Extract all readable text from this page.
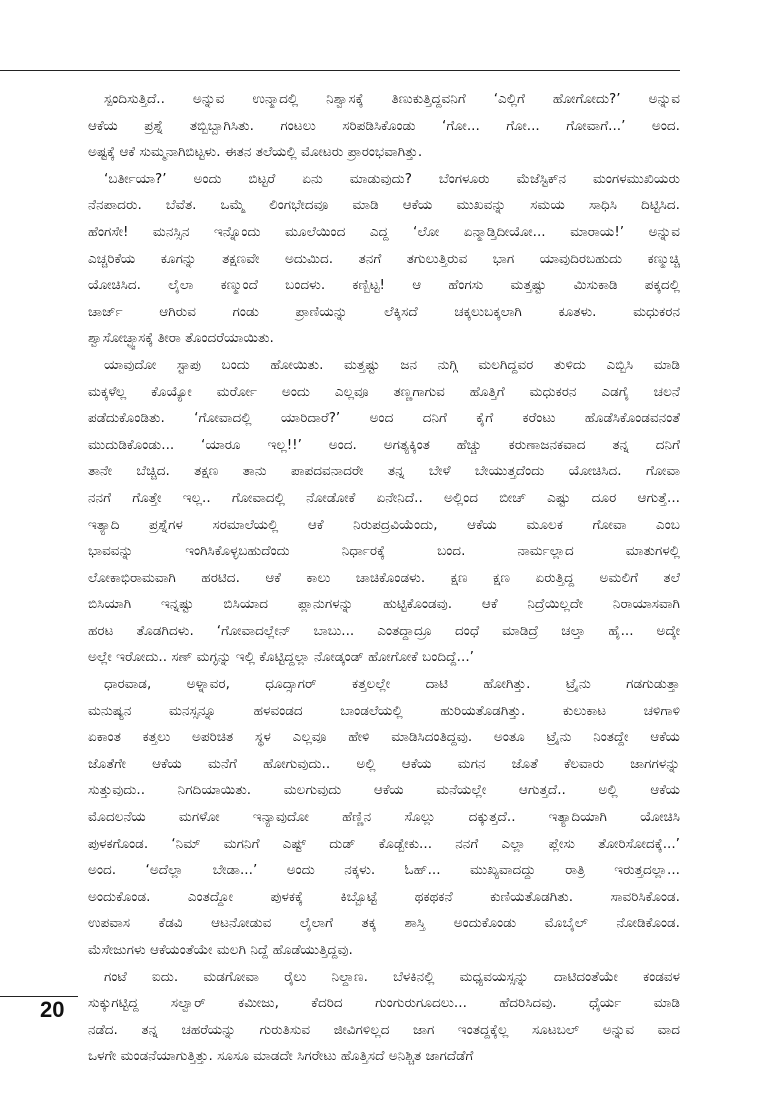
ಸ್ಪಂದಿಸುತ್ತಿದೆ.. ಅನ್ನುವ ಉನ್ಮಾದಲ್ಲಿ ನಿಶ್ವಾಸಕ್ಕೆ ತಿಣುಕುತ್ತಿದ್ದವನಿಗೆ ‘ಎಲ್ಲಿಗೆ ಹೋಗೋದು?’ ಅನ್ನುವ
ಆಕೆಯ ಪ್ರಶ್ನೆ ತಬ್ಬಿಬ್ಬಾಗಿಸಿತು. ಗಂಟಲು ಸರಿಪಡಿಸಿಕೊಂಡು ‘ಗೋ... ಗೋ... ಗೋವಾಗೆ...’ ಅಂದ.
ಅಷ್ಟಕ್ಕೆ ಆಕೆ ಸುಮ್ಮನಾಗಿಬಿಟ್ಟಳು. ಈತನ ತಲೆಯಲ್ಲಿ ಮೋಟರು ಪ್ರಾರಂಭವಾಗಿತ್ತು.

‘ಬರ್ತೀಯಾ?’ ಅಂದು ಬಿಟ್ಟರೆ ಏನು ಮಾಡುವುದು? ಬೆಂಗಳೂರು ಮೆಜೆಸ್ಟಿಕ್‌ನ ಮಂಗಳಮುಖಿಯರು
ನೆನಪಾದರು. ಬೆವೆತ. ಒಮ್ಮೆ ಲಿಂಗಭೇದವೂ ಮಾಡಿ ಆಕೆಯ ಮುಖವನ್ನು ಸಮಯ ಸಾಧಿಸಿ ದಿಟ್ಟಿಸಿದ.
ಹೆಂಗಸೇ! ಮನಸ್ಸಿನ ಇನ್ನೊಂದು ಮೂಲೆಯಿಂದ ಎದ್ದ ‘ಲೋ ಏನ್ಮಾಡ್ತಿದೀಯೋ... ಮಾರಾಯ!’ ಅನ್ನುವ
ಎಚ್ಚರಿಕೆಯ ಕೂಗನ್ನು ತಕ್ಷಣವೇ ಅದುಮಿದ. ತನಗೆ ತಗುಲುತ್ತಿರುವ ಭಾಗ ಯಾವುದಿರಬಹುದು ಕಣ್ಮುಚ್ಚಿ
ಯೋಚಿಸಿದ. ಲೈಲಾ ಕಣ್ಮುಂದೆ ಬಂದಳು. ಕಣ್ಬಿಟ್ಟ! ಆ ಹೆಂಗಸು ಮತ್ತಷ್ಟು ಮಿಸುಕಾಡಿ ಪಕ್ಕದಲ್ಲಿ
ಚಾರ್ಜ್ ಆಗಿರುವ ಗಂಡು ಪ್ರಾಣಿಯನ್ನು ಲೆಕ್ಕಿಸದೆ ಚಕ್ಕಲುಬಕ್ಕಲಾಗಿ ಕೂತಳು. ಮಧುಕರನ
ಶ್ವಾಸೋಚ್ಛ್ವಾಸಕ್ಕೆ ತೀರಾ ತೊಂದರೆಯಾಯಿತು.

ಯಾವುದೋ ಸ್ಟಾಪು ಬಂದು ಹೋಯಿತು. ಮತ್ತಷ್ಟು ಜನ ನುಗ್ಗಿ ಮಲಗಿದ್ದವರ ತುಳಿದು ಎಬ್ಬಿಸಿ ಮಾಡಿ
ಮಕ್ಕಳೆಲ್ಲ ಕೊಯ್ಯೋ ಮರ್ರೋ ಅಂದು ಎಲ್ಲವೂ ತಣ್ಣಗಾಗುವ ಹೊತ್ತಿಗೆ ಮಧುಕರನ ಎಡಗೈ ಚಲನೆ
ಪಡೆದುಕೊಂಡಿತು. ‘ಗೋವಾದಲ್ಲಿ ಯಾರಿದಾರೆ?’ ಅಂದ ದನಿಗೆ ಕೈಗೆ ಕರೆಂಟು ಹೊಡೆಸಿಕೊಂಡವನಂತೆ
ಮುದುಡಿಕೊಂಡು... ‘ಯಾರೂ ಇಲ್ಲ!!’ ಅಂದ. ಅಗತ್ಯಕ್ಕಿಂತ ಹೆಚ್ಚು ಕರುಣಾಜನಕವಾದ ತನ್ನ ದನಿಗೆ
ತಾನೇ ಬೆಚ್ಚಿದ. ತಕ್ಷಣ ತಾನು ಪಾಪದವನಾದರೇ ತನ್ನ ಬೇಳೆ ಬೇಯುತ್ತದೆಂದು ಯೋಚಿಸಿದ. ಗೋವಾ
ನನಗೆ ಗೊತ್ತೇ ಇಲ್ಲ.. ಗೋವಾದಲ್ಲಿ ನೋಡೋಕೆ ಏನೇನಿದೆ.. ಅಲ್ಲಿಂದ ಬೀಚ್ ಎಷ್ಟು ದೂರ ಆಗುತ್ತೆ...
ಇತ್ಯಾದಿ ಪ್ರಶ್ನೆಗಳ ಸರಮಾಲೆಯಲ್ಲಿ ಆಕೆ ನಿರುಪದ್ರವಿಯೆಂದು, ಆಕೆಯ ಮೂಲಕ ಗೋವಾ ಎಂಬ
ಭಾವವನ್ನು ಇಂಗಿಸಿಕೊಳ್ಳಬಹುದೆಂದು ನಿರ್ಧಾರಕ್ಕೆ ಬಂದ. ನಾರ್ಮಲ್ಲಾದ ಮಾತುಗಳಲ್ಲಿ
ಲೋಕಾಭಿರಾಮವಾಗಿ ಹರಟಿದ. ಆಕೆ ಕಾಲು ಚಾಚಿಕೊಂಡಳು. ಕ್ಷಣ ಕ್ಷಣ ಏರುತ್ತಿದ್ದ ಅಮಲಿಗೆ ತಲೆ
ಬಿಸಿಯಾಗಿ ಇನ್ನಷ್ಟು ಬಿಸಿಯಾದ ಪ್ಲಾನುಗಳನ್ನು ಹುಟ್ಟಿಕೊಂಡವು. ಆಕೆ ನಿದ್ರೆಯಿಲ್ಲದೇ ನಿರಾಯಾಸವಾಗಿ
ಹರಟ ತೊಡಗಿದಳು. ‘ಗೋವಾದಲ್ಲೇನ್ ಬಾಬು... ಎಂತದ್ದಾದ್ರೂ ದಂಧೆ ಮಾಡಿದ್ರೆ ಚಲ್ತಾ ಹೈ... ಅದ್ಕೇ
ಅಲ್ಲೇ ಇರೋದು.. ಸಣ್ ಮಗ್ಳನ್ನು ಇಲ್ಲಿ ಕೊಟ್ಟಿದ್ದಲ್ಲಾ ನೋಡ್ಕಂಡ್ ಹೋಗೋಕೆ ಬಂದಿದ್ದೆ...’

ಧಾರವಾಡ, ಅಳ್ನಾವರ, ಧೂದ್ಸಾಗರ್ ಕತ್ತಲಲ್ಲೇ ದಾಟಿ ಹೋಗಿತ್ತು. ಟ್ರೈನು ಗಡಗುಡುತ್ತಾ
ಮನುಷ್ಯನ ಮನಸ್ಸನ್ನೂ ಹಳವಂಡದ ಬಾಂಡಲೆಯಲ್ಲಿ ಹುರಿಯತೊಡಗಿತ್ತು. ಕುಲುಕಾಟ ಚಳಿಗಾಳಿ
ಏಕಾಂತ ಕತ್ತಲು ಅಪರಿಚಿತ ಸ್ಥಳ ಎಲ್ಲವೂ ಹೇಳಿ ಮಾಡಿಸಿದಂತಿದ್ದವು. ಅಂತೂ ಟ್ರೈನು ನಿಂತದ್ದೇ ಆಕೆಯ
ಜೊತೆಗೇ ಆಕೆಯ ಮನೆಗೆ ಹೋಗುವುದು.. ಅಲ್ಲಿ ಆಕೆಯ ಮಗನ ಜೊತೆ ಕೆಲವಾರು ಜಾಗಗಳನ್ನು
ಸುತ್ತುವುದು.. ನಿಗದಿಯಾಯಿತು. ಮಲಗುವುದು ಆಕೆಯ ಮನೆಯಲ್ಲೇ ಆಗುತ್ತದೆ.. ಅಲ್ಲಿ ಆಕೆಯ
ಮೊದಲನೆಯ ಮಗಳೋ ಇನ್ಯಾವುದೋ ಹೆಣ್ಣಿನ ಸೊಲ್ಲು ದಕ್ಕುತ್ತದೆ.. ಇತ್ಯಾದಿಯಾಗಿ ಯೋಚಿಸಿ
ಪುಳಕಗೊಂಡ. ‘ನಿಮ್ ಮಗನಿಗೆ ಎಷ್ಟ್ ದುಡ್ ಕೊಡ್ಬೇಕು... ನನಗೆ ಎಲ್ಲಾ ಪ್ಲೇಸು ತೋರಿಸೋದಕ್ಕೆ...’
ಅಂದ. ‘ಅದೆಲ್ಲಾ ಬೇಡಾ...’ ಅಂದು ನಕ್ಕಳು. ಓಹ್... ಮುಖ್ಯವಾದದ್ದು ರಾತ್ರಿ ಇರುತ್ತದಲ್ಲಾ...
ಅಂದುಕೊಂಡ. ಎಂತದ್ದೋ ಪುಳಕಕ್ಕೆ ಕಿಬ್ಬೊಟ್ಟೆ ಥಕಥಕನೆ ಕುಣಿಯತೊಡಗಿತು. ಸಾವರಿಸಿಕೊಂಡ.
ಉಪವಾಸ ಕೆಡವಿ ಆಟನೋಡುವ ಲೈಲಾಗೆ ತಕ್ಕ ಶಾಸ್ತಿ ಅಂದುಕೊಂಡು ಮೊಬೈಲ್ ನೋಡಿಕೊಂಡ.
ಮೆಸೇಜುಗಳು ಆಕೆಯಂತೆಯೇ ಮಲಗಿ ನಿದ್ದೆ ಹೊಡೆಯುತ್ತಿದ್ದವು.

ಗಂಟೆ ಐದು. ಮಡಗೋವಾ ರೈಲು ನಿಲ್ದಾಣ. ಬೆಳಕಿನಲ್ಲಿ ಮಧ್ಯವಯಸ್ಸನ್ನು ದಾಟಿದಂತೆಯೇ ಕಂಡವಳ
ಸುಕ್ಕುಗಟ್ಟಿದ್ದ ಸಲ್ವಾರ್ ಕಮೀಜು, ಕೆದರಿದ ಗುಂಗುರುಗೂದಲು... ಹೆದರಿಸಿದವು. ಧೈರ್ಯ ಮಾಡಿ
ನಡೆದ. ತನ್ನ ಚಹರೆಯನ್ನು ಗುರುತಿಸುವ ಜೀವಿಗಳಿಲ್ಲದ ಜಾಗ ಇಂತದ್ದಕ್ಕೆಲ್ಲ ಸೂಟಬಲ್ ಅನ್ನುವ ವಾದ
ಒಳಗೇ ಮಂಡನೆಯಾಗುತ್ತಿತ್ತು. ಸೂಸೂ ಮಾಡದೇ ಸಿಗರೇಟು ಹೊತ್ತಿಸದೆ ಅನಿಶ್ಚಿತ ಜಾಗದೆಡೆಗೆ

20
